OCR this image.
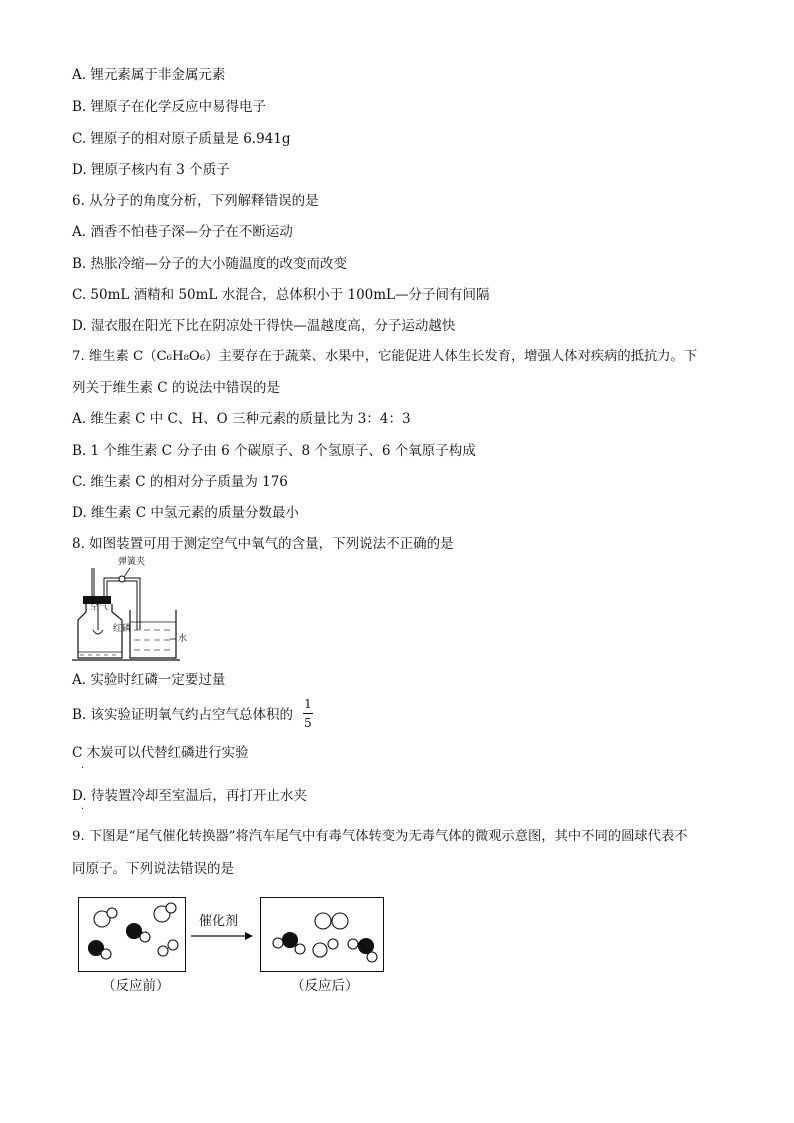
A. 锂元素属于非金属元素
B. 锂原子在化学反应中易得电子
C. 锂原子的相对原子质量是 6.941g
D. 锂原子核内有 3 个质子
6. 从分子的角度分析，下列解释错误的是
A. 酒香不怕巷子深—分子在不断运动
B. 热胀冷缩—分子的大小随温度的改变而改变
C. 50mL 酒精和 50mL 水混合，总体积小于 100mL—分子间有间隔
D. 湿衣服在阳光下比在阴凉处干得快—温越度高，分子运动越快
7. 维生素 C（C₆H₈O₆）主要存在于蔬菜、水果中，它能促进人体生长发育，增强人体对疾病的抵抗力。下
列关于维生素 C 的说法中错误的是
A. 维生素 C 中 C、H、O 三种元素的质量比为 3：4：3
B. 1 个维生素 C 分子由 6 个碳原子、8 个氢原子、6 个氧原子构成
C. 维生素 C 的相对分子质量为 176
D. 维生素 C 中氢元素的质量分数最小
8. 如图装置可用于测定空气中氧气的含量，下列说法不正确的是
弹簧夹
空气
红磷
水
A. 实验时红磷一定要过量
B. 该实验证明氧气约占空气总体积的
1
5
C 木炭可以代替红磷进行实验
.
D. 待装置冷却至室温后，再打开止水夹
.
9. 下图是“尾气催化转换器”将汽车尾气中有毒气体转变为无毒气体的微观示意图，其中不同的圆球代表不
同原子。下列说法错误的是
催化剂
（反应前）	（反应后）
